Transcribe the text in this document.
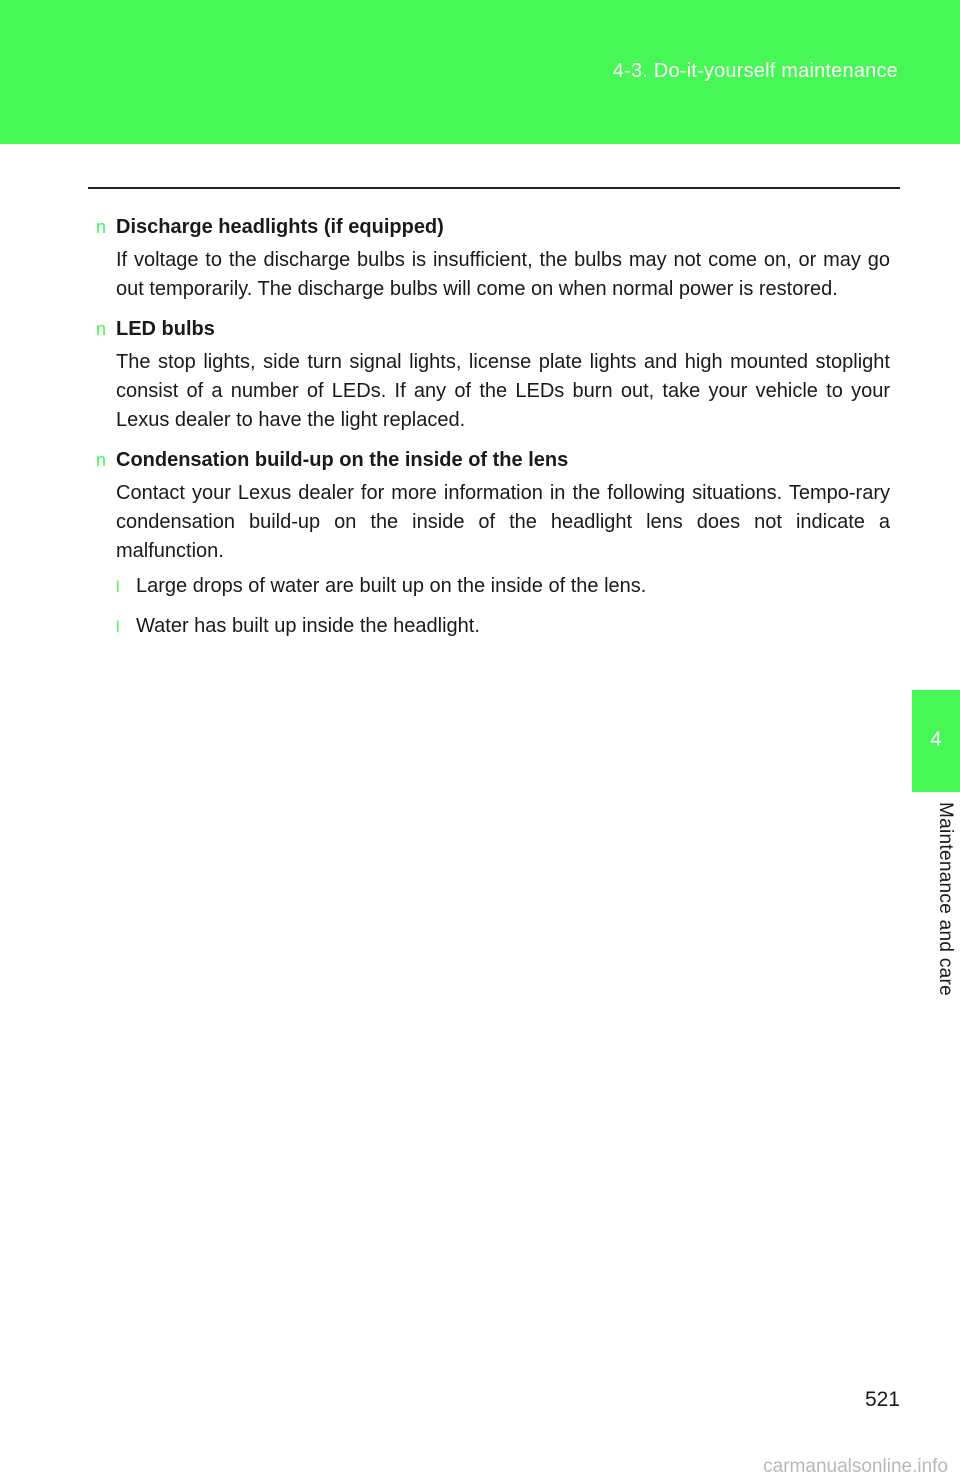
4-3. Do-it-yourself maintenance
4
Maintenance and care
n Discharge headlights (if equipped)
If voltage to the discharge bulbs is insufficient, the bulbs may not come on, or may go out temporarily. The discharge bulbs will come on when normal power is restored.
n LED bulbs
The stop lights, side turn signal lights, license plate lights and high mounted stoplight consist of a number of LEDs. If any of the LEDs burn out, take your vehicle to your Lexus dealer to have the light replaced.
n Condensation build-up on the inside of the lens
Contact your Lexus dealer for more information in the following situations. Tempo-rary condensation build-up on the inside of the headlight lens does not indicate a malfunction.
l Large drops of water are built up on the inside of the lens.
l Water has built up inside the headlight.
521
carmanualsonline.info
